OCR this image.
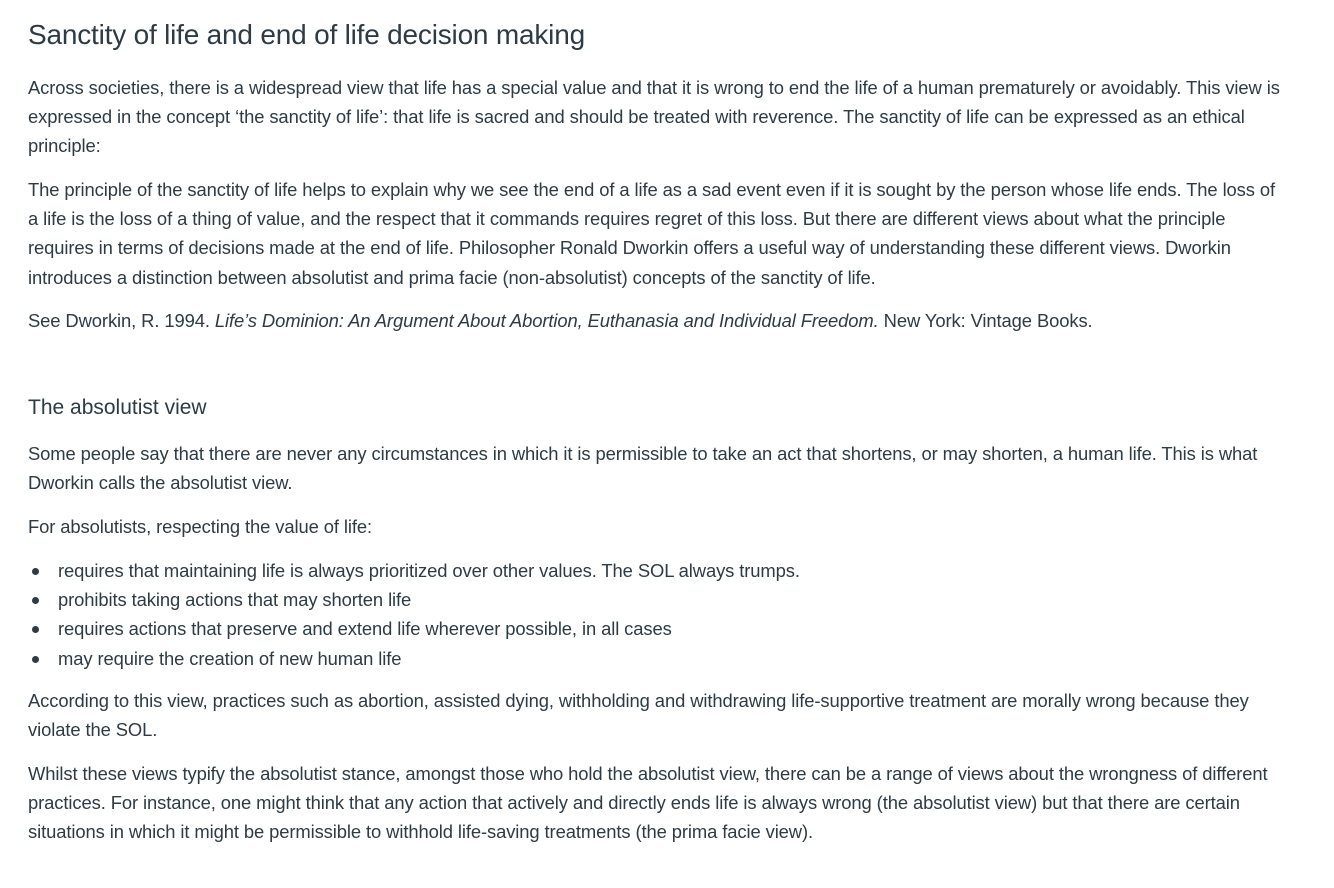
Sanctity of life and end of life decision making

Across societies, there is a widespread view that life has a special value and that it is wrong to end the life of a human prematurely or avoidably. This view is expressed in the concept ‘the sanctity of life’: that life is sacred and should be treated with reverence. The sanctity of life can be expressed as an ethical principle:

The principle of the sanctity of life helps to explain why we see the end of a life as a sad event even if it is sought by the person whose life ends. The loss of a life is the loss of a thing of value, and the respect that it commands requires regret of this loss. But there are different views about what the principle requires in terms of decisions made at the end of life. Philosopher Ronald Dworkin offers a useful way of understanding these different views. Dworkin introduces a distinction between absolutist and prima facie (non-absolutist) concepts of the sanctity of life.

See Dworkin, R. 1994. Life’s Dominion: An Argument About Abortion, Euthanasia and Individual Freedom. New York: Vintage Books.

The absolutist view

Some people say that there are never any circumstances in which it is permissible to take an act that shortens, or may shorten, a human life. This is what Dworkin calls the absolutist view.

For absolutists, respecting the value of life:

requires that maintaining life is always prioritized over other values. The SOL always trumps.
prohibits taking actions that may shorten life
requires actions that preserve and extend life wherever possible, in all cases
may require the creation of new human life

According to this view, practices such as abortion, assisted dying, withholding and withdrawing life-supportive treatment are morally wrong because they violate the SOL.

Whilst these views typify the absolutist stance, amongst those who hold the absolutist view, there can be a range of views about the wrongness of different practices. For instance, one might think that any action that actively and directly ends life is always wrong (the absolutist view) but that there are certain situations in which it might be permissible to withhold life-saving treatments (the prima facie view).
